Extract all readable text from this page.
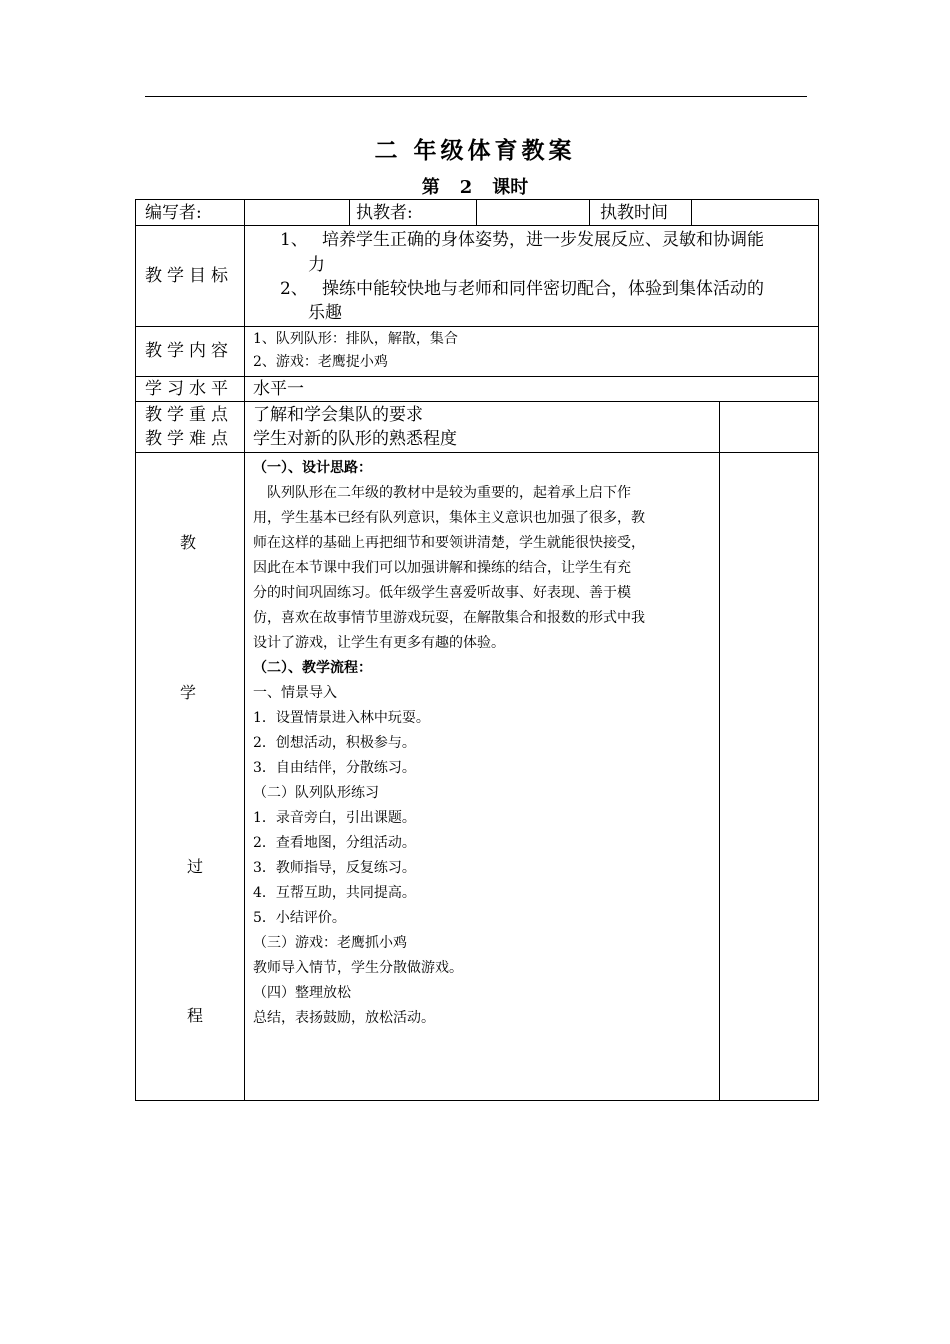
二 年级体育教案
第 2 课时
编写者:	执教者:	执教时间
教学目标
1、 培养学生正确的身体姿势，进一步发展反应、灵敏和协调能
力
2、 操练中能较快地与老师和同伴密切配合，体验到集体活动的
乐趣
教学内容
1、队列队形：排队，解散，集合
2、游戏：老鹰捉小鸡
学习水平 水平一
教学重点 了解和学会集队的要求
教学难点 学生对新的队形的熟悉程度
教
学
过
程

（一）、设计思路：

队列队形在二年级的教材中是较为重要的，起着承上启下作

用，学生基本已经有队列意识，集体主义意识也加强了很多，教

师在这样的基础上再把细节和要领讲清楚，学生就能很快接受，

因此在本节课中我们可以加强讲解和操练的结合，让学生有充

分的时间巩固练习。低年级学生喜爱听故事、好表现、善于模

仿，喜欢在故事情节里游戏玩耍，在解散集合和报数的形式中我

设计了游戏，让学生有更多有趣的体验。

（二）、教学流程：

一、情景导入

1．设置情景进入林中玩耍。

2．创想活动，积极参与。

3．自由结伴，分散练习。

（二）队列队形练习

1．录音旁白，引出课题。

2．查看地图，分组活动。

3．教师指导，反复练习。

4．互帮互助，共同提高。

5．小结评价。

（三）游戏：老鹰抓小鸡

教师导入情节，学生分散做游戏。

（四）整理放松

总结，表扬鼓励，放松活动。
